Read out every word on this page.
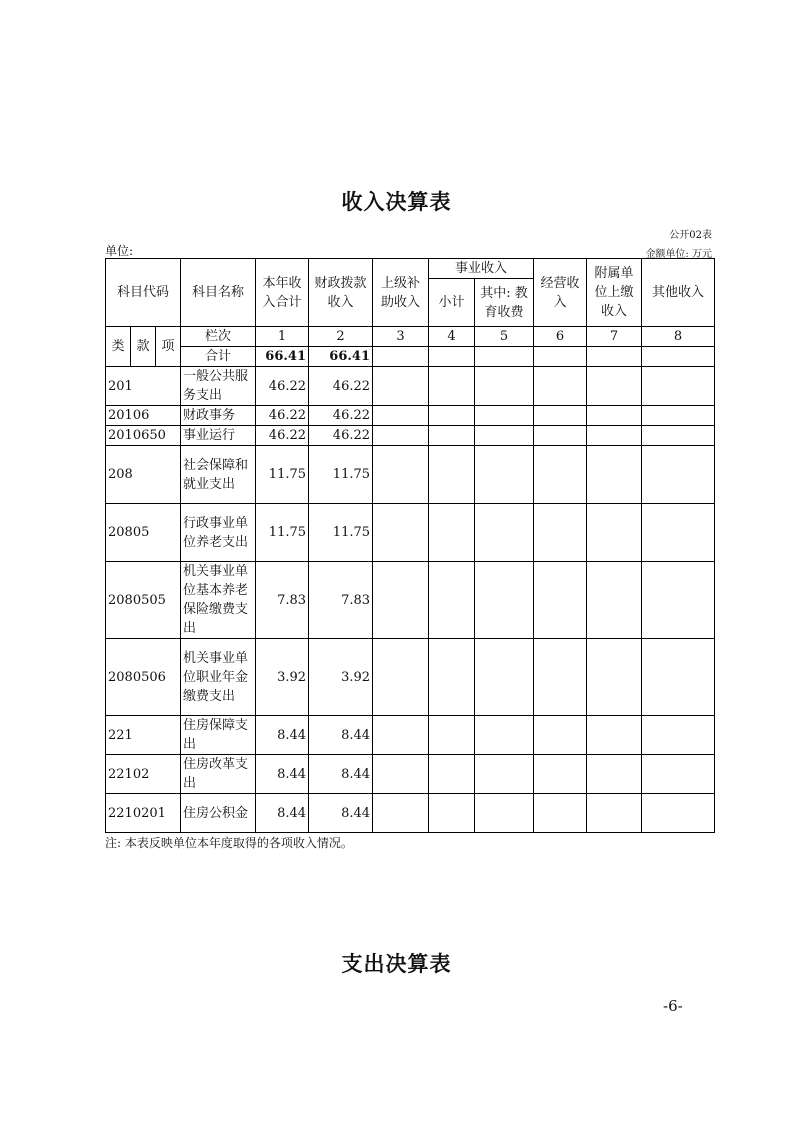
收入决算表
公开02表
单位:	金额单位: 万元
科目代码			科目名称	本年收入合计	财政拨款收入	上级补助收入	事业收入		经营收入	附属单位上缴收入	其他收入
							小计	其中: 教育收费			
类	款	项	栏次	1	2	3	4	5	6	7	8
			合计	66.41	66.41						
201			一般公共服务支出	46.22	46.22						
20106			财政事务	46.22	46.22						
2010650			事业运行	46.22	46.22						
208			社会保障和就业支出	11.75	11.75						
20805			行政事业单位养老支出	11.75	11.75						
2080505			机关事业单位基本养老保险缴费支出	7.83	7.83						
2080506			机关事业单位职业年金缴费支出	3.92	3.92						
221			住房保障支出	8.44	8.44						
22102			住房改革支出	8.44	8.44						
2210201			住房公积金	8.44	8.44						
注: 本表反映单位本年度取得的各项收入情况。
支出决算表
-6-
